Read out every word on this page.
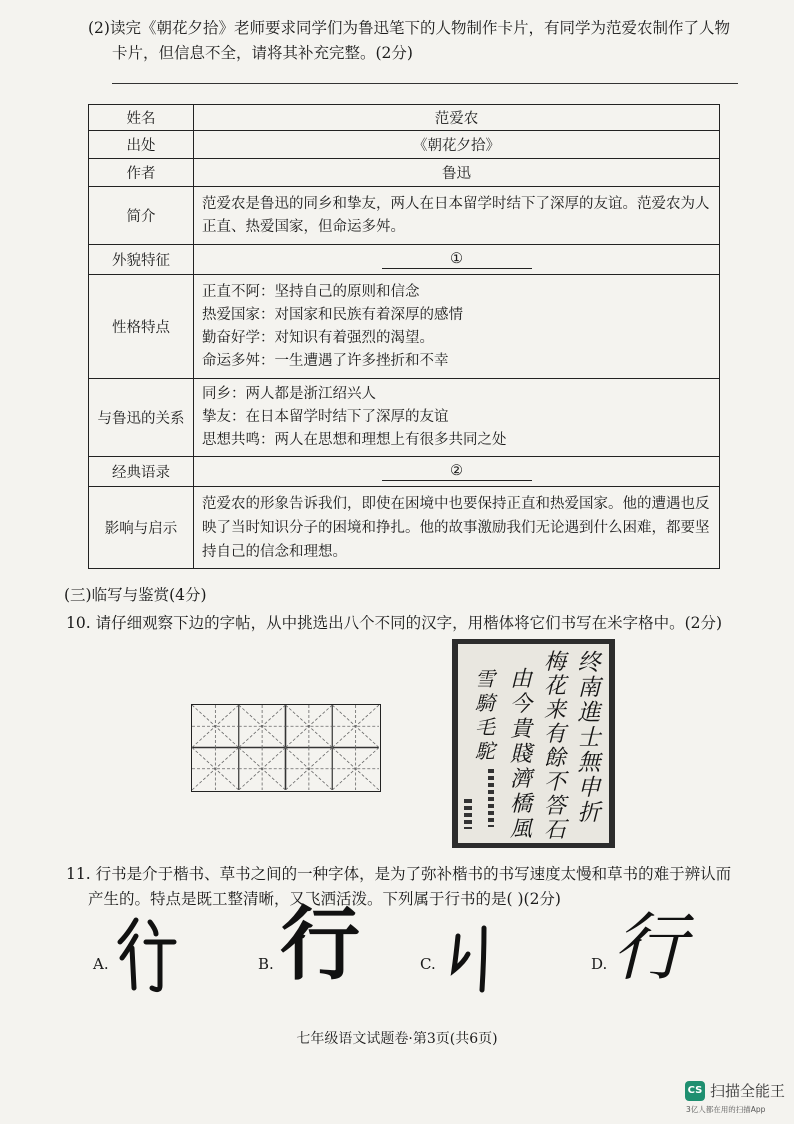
(2)读完《朝花夕拾》老师要求同学们为鲁迅笔下的人物制作卡片，有同学为范爱农制作了人物
卡片，但信息不全，请将其补充完整。(2分)
姓名	范爱农
出处	《朝花夕拾》
作者	鲁迅
简介	范爱农是鲁迅的同乡和挚友，两人在日本留学时结下了深厚的友谊。范爱农为人正直、热爱国家，但命运多舛。
外貌特征	①
性格特点	正直不阿：坚持自己的原则和信念
热爱国家：对国家和民族有着深厚的感情
勤奋好学：对知识有着强烈的渴望。
命运多舛：一生遭遇了许多挫折和不幸

与鲁迅的关系	同乡：两人都是浙江绍兴人
挚友：在日本留学时结下了深厚的友谊
思想共鸣：两人在思想和理想上有很多共同之处

经典语录	②
影响与启示	范爱农的形象告诉我们，即使在困境中也要保持正直和热爱国家。他的遭遇也反映了当时知识分子的困境和挣扎。他的故事激励我们无论遇到什么困难，都要坚持自己的信念和理想。
(三)临写与鉴赏(4分)
10. 请仔细观察下边的字帖，从中挑选出八个不同的汉字，用楷体将它们书写在米字格中。(2分)
终南進士無申折
梅花来有餘不答石
由今貴賤濟橋風
雪騎毛駝
11. 行书是介于楷书、草书之间的一种字体，是为了弥补楷书的书写速度太慢和草书的难于辨认而
产生的。特点是既工整清晰，又飞洒活泼。下列属于行书的是( )(2分)
A.	B. 行	C.	D. 行
七年级语文试题卷·第3页(共6页)
CS 扫描全能王
3亿人都在用的扫描App
